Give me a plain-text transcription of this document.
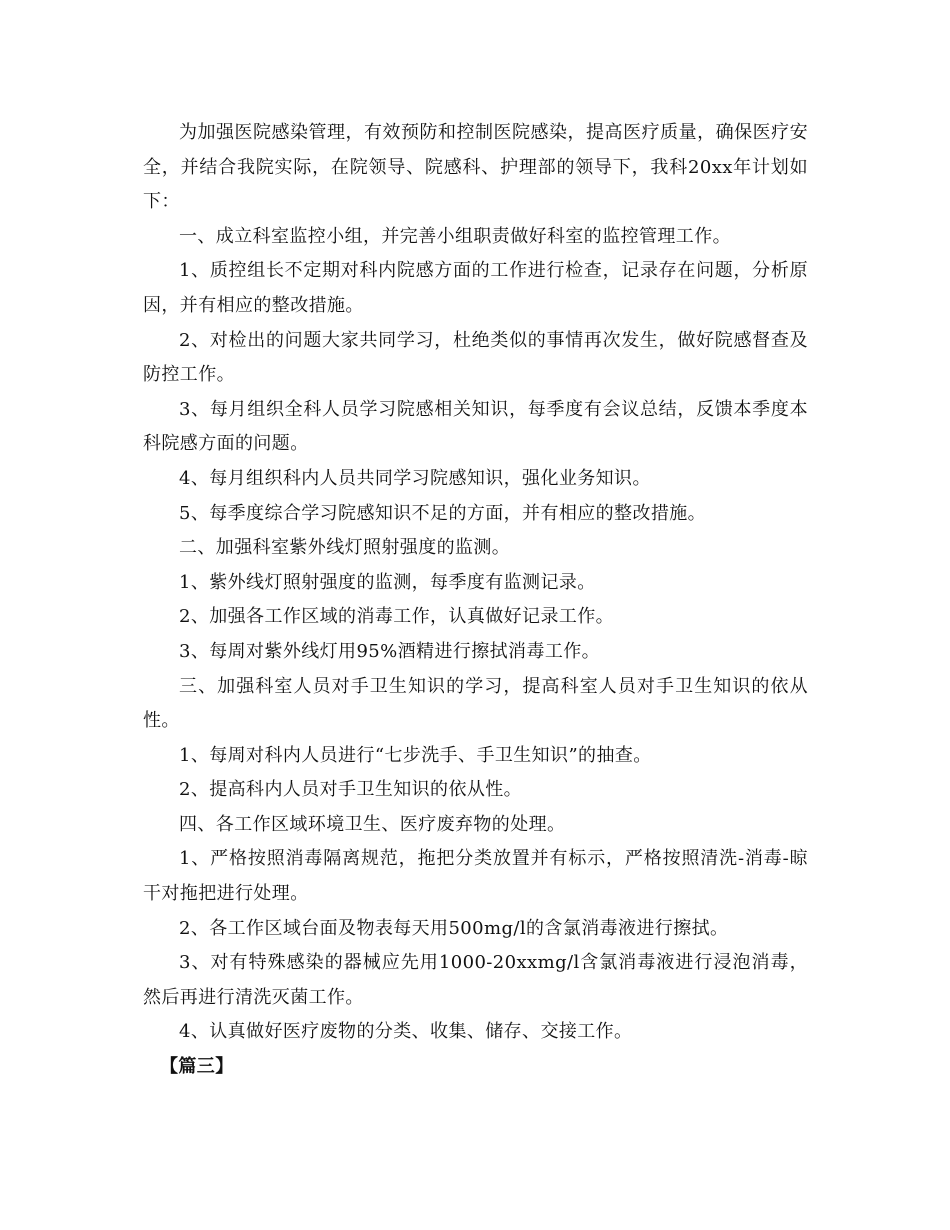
为加强医院感染管理，有效预防和控制医院感染，提高医疗质量，确保医疗安全，并结合我院实际，在院领导、院感科、护理部的领导下，我科20xx年计划如下：

一、成立科室监控小组，并完善小组职责做好科室的监控管理工作。

1、质控组长不定期对科内院感方面的工作进行检查，记录存在问题，分析原因，并有相应的整改措施。

2、对检出的问题大家共同学习，杜绝类似的事情再次发生，做好院感督查及防控工作。

3、每月组织全科人员学习院感相关知识，每季度有会议总结，反馈本季度本科院感方面的问题。

4、每月组织科内人员共同学习院感知识，强化业务知识。

5、每季度综合学习院感知识不足的方面，并有相应的整改措施。

二、加强科室紫外线灯照射强度的监测。

1、紫外线灯照射强度的监测，每季度有监测记录。

2、加强各工作区域的消毒工作，认真做好记录工作。

3、每周对紫外线灯用95%酒精进行擦拭消毒工作。

三、加强科室人员对手卫生知识的学习，提高科室人员对手卫生知识的依从性。

1、每周对科内人员进行“七步洗手、手卫生知识”的抽查。

2、提高科内人员对手卫生知识的依从性。

四、各工作区域环境卫生、医疗废弃物的处理。

1、严格按照消毒隔离规范，拖把分类放置并有标示，严格按照清洗-消毒-晾干对拖把进行处理。

2、各工作区域台面及物表每天用500mg/l的含氯消毒液进行擦拭。

3、对有特殊感染的器械应先用1000-20xxmg/l含氯消毒液进行浸泡消毒，然后再进行清洗灭菌工作。

4、认真做好医疗废物的分类、收集、储存、交接工作。

【篇三】
